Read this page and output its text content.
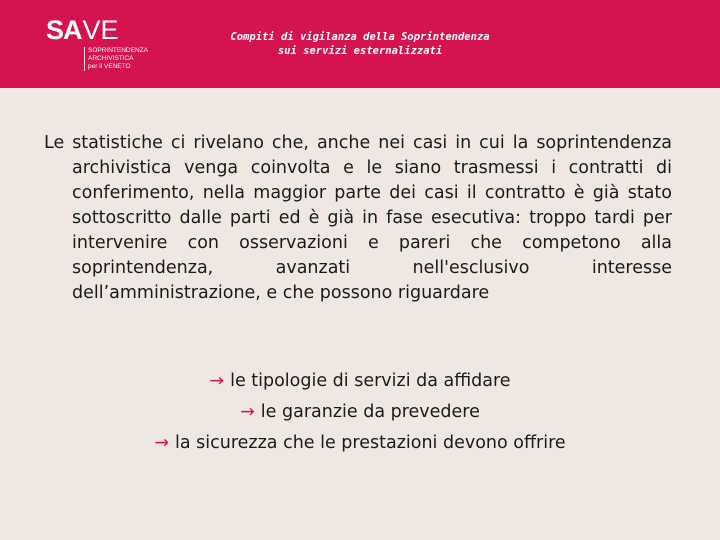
SA VE
SOPRINTENDENZA
ARCHIVISTICA
per il VENETO
Compiti di vigilanza della Soprintendenza
sui servizi esternalizzati
Le statistiche ci rivelano che, anche nei casi in cui la soprintendenza archivistica venga coinvolta e le siano trasmessi i contratti di conferimento, nella maggior parte dei casi il contratto è già stato sottoscritto dalle parti ed è già in fase esecutiva: troppo tardi per intervenire con osservazioni e pareri che competono alla soprintendenza, avanzati nell'esclusivo interesse dell’amministrazione, e che possono riguardare
→ le tipologie di servizi da affidare
→ le garanzie da prevedere
→ la sicurezza che le prestazioni devono offrire
